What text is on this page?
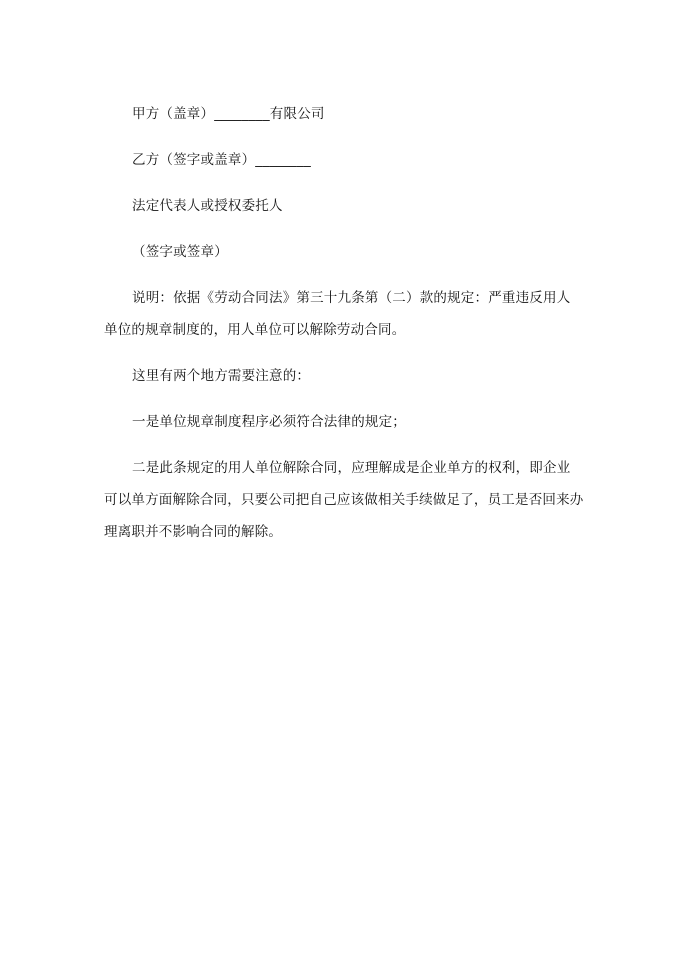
甲方（盖章）________有限公司

乙方（签字或盖章）________

法定代表人或授权委托人

（签字或签章）

说明：依据《劳动合同法》第三十九条第（二）款的规定：严重违反用人单位的规章制度的，用人单位可以解除劳动合同。

这里有两个地方需要注意的：

一是单位规章制度程序必须符合法律的规定；

二是此条规定的用人单位解除合同，应理解成是企业单方的权利，即企业可以单方面解除合同，只要公司把自己应该做相关手续做足了，员工是否回来办理离职并不影响合同的解除。
